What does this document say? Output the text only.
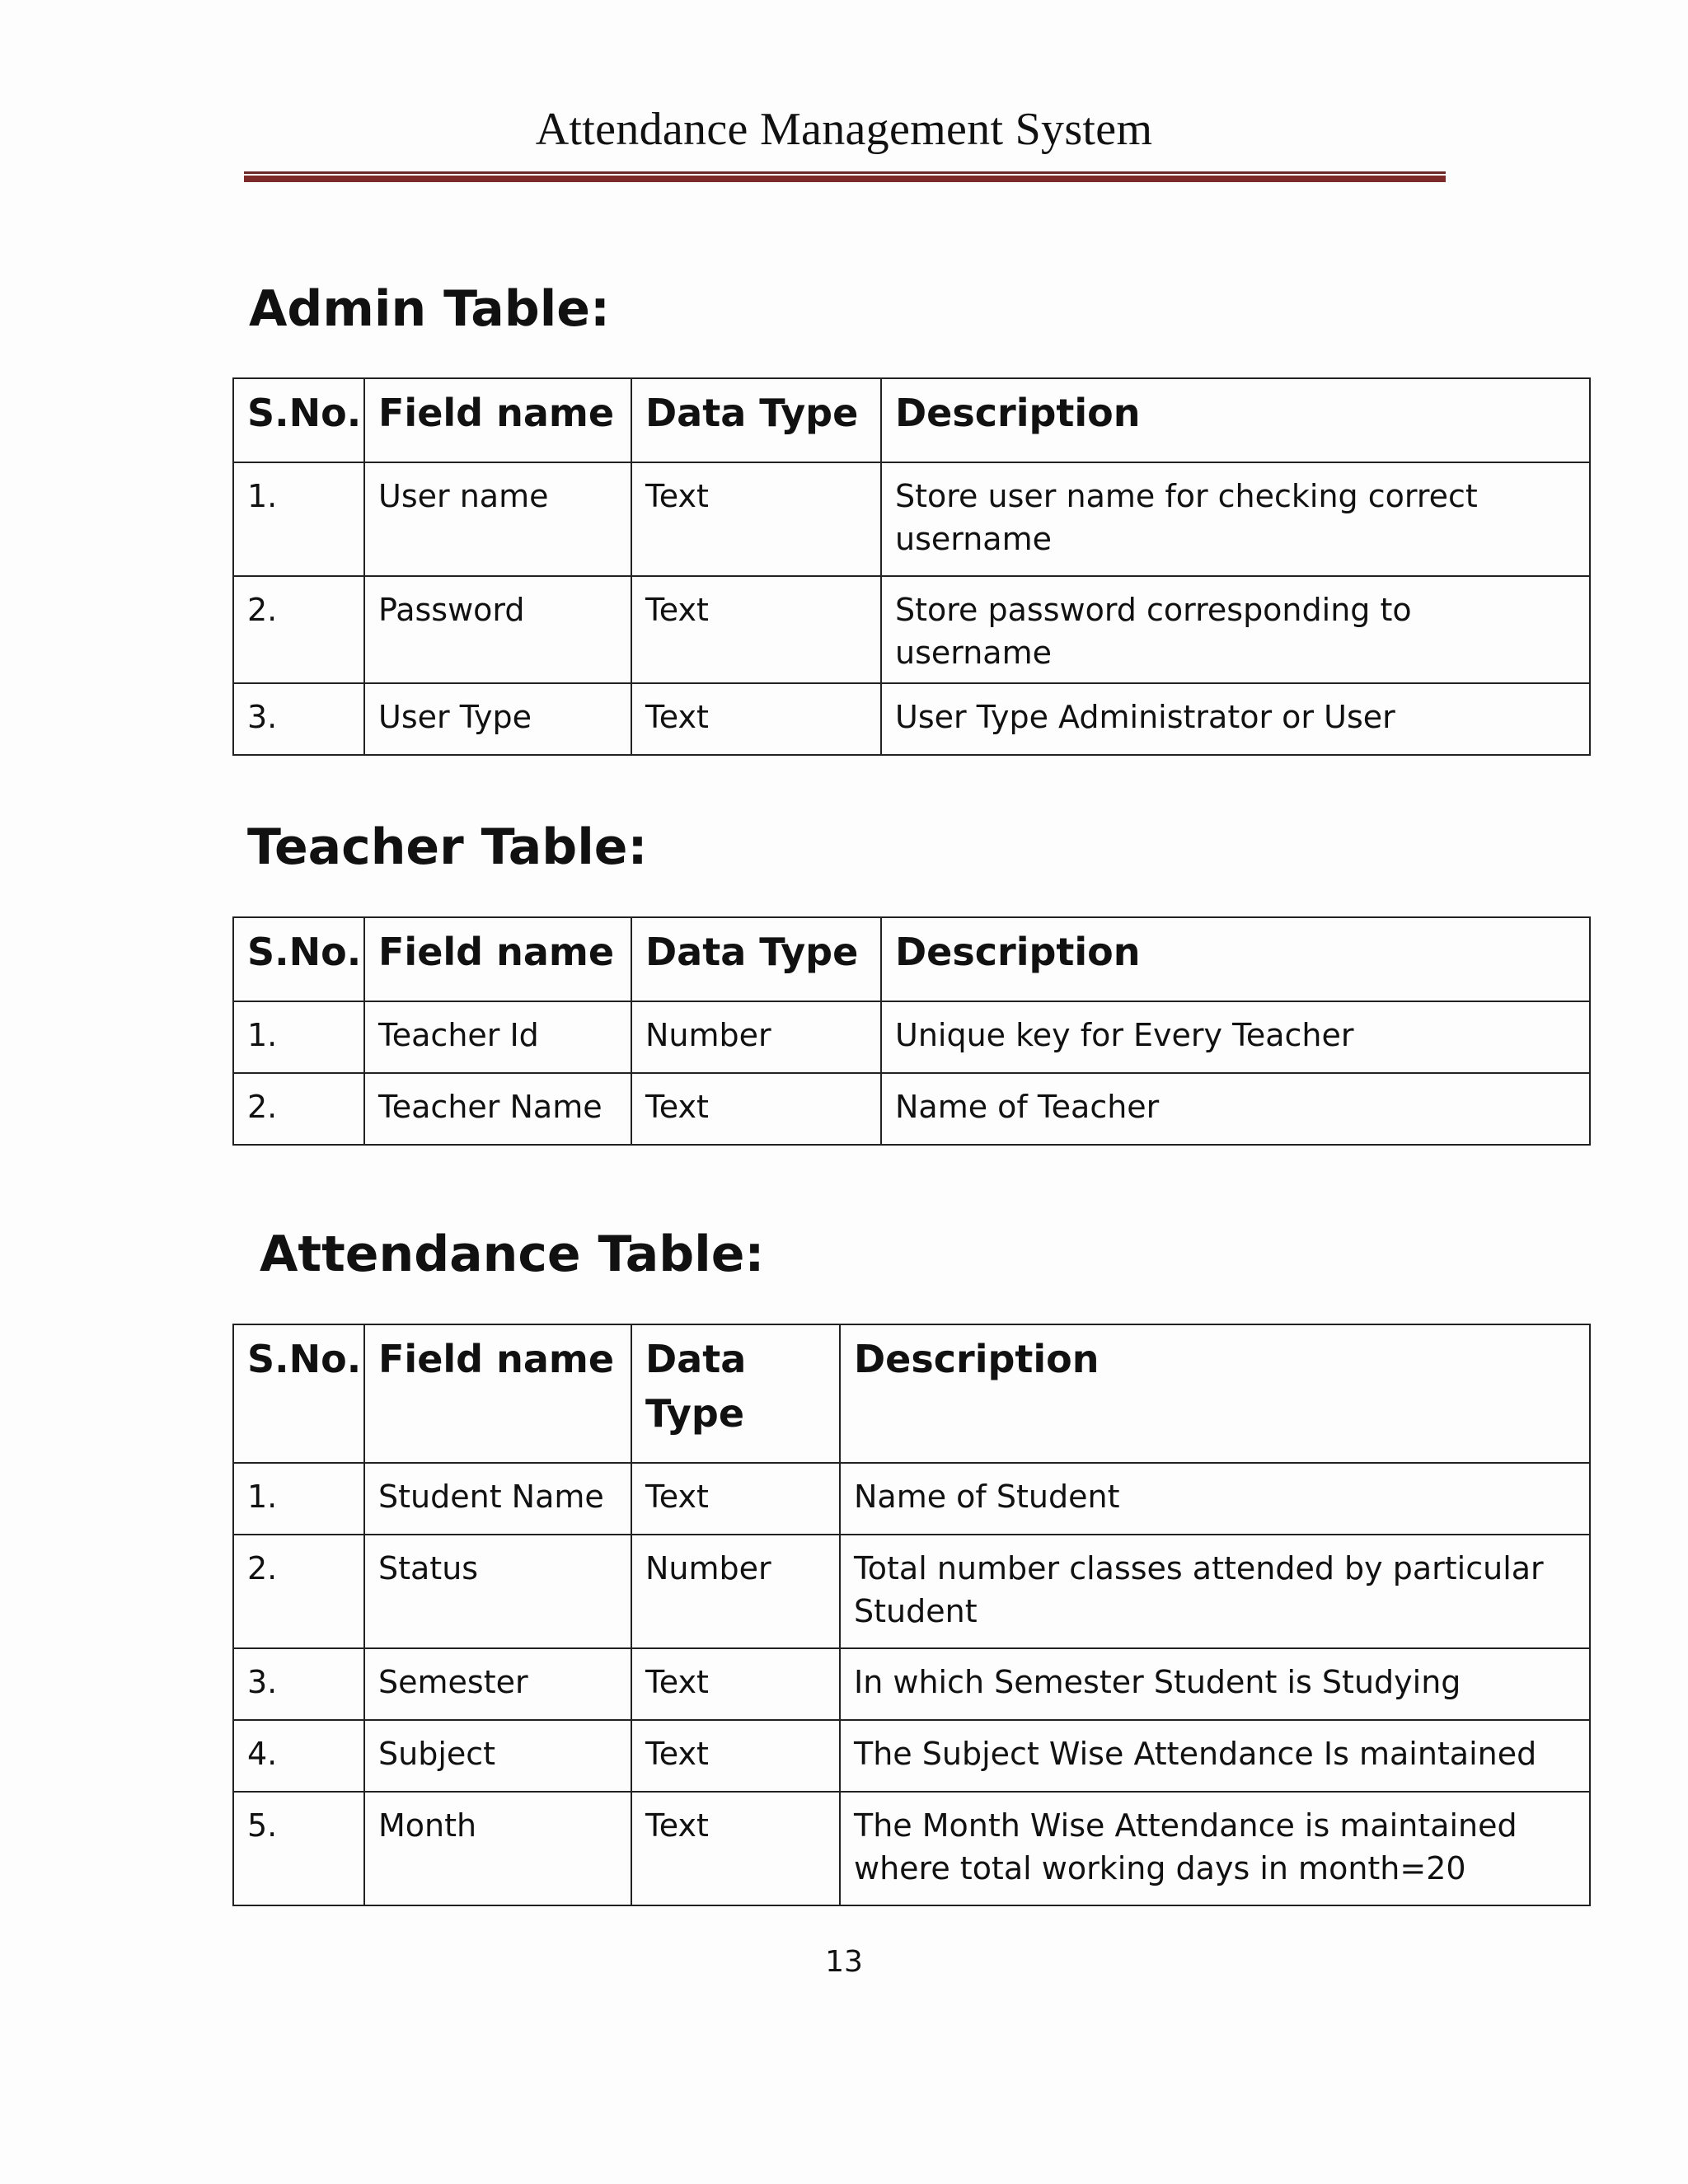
Attendance Management System
Admin Table:
S.No.	Field name	Data Type	Description
1.	User name	Text	Store user name for checking correct username
2.	Password	Text	Store password corresponding to username
3.	User Type	Text	User Type Administrator or User
Teacher Table:
S.No.	Field name	Data Type	Description
1.	Teacher Id	Number	Unique key for Every Teacher
2.	Teacher Name	Text	Name of Teacher
Attendance Table:
S.No.	Field name	Data Type	Description
1.	Student Name	Text	Name of Student
2.	Status	Number	Total number classes attended by particular Student
3.	Semester	Text	In which Semester Student is Studying
4.	Subject	Text	The Subject Wise Attendance Is maintained
5.	Month	Text	The Month Wise Attendance is maintained where total working days in month=20
13
